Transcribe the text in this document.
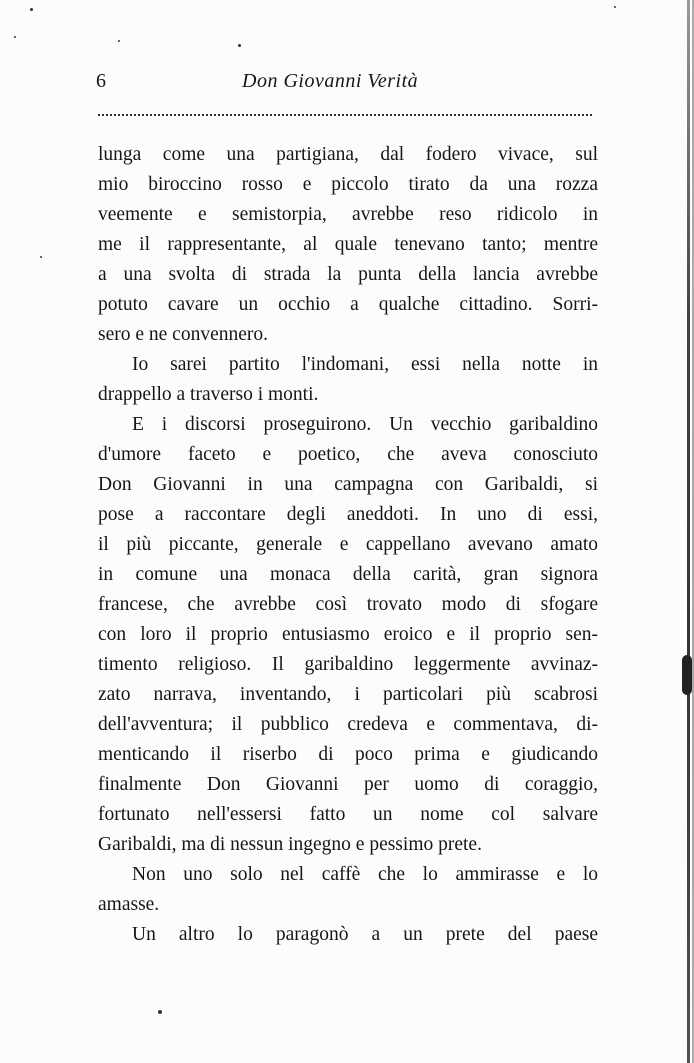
6	Don Giovanni Verità
lunga come una partigiana, dal fodero vivace, sul
mio biroccino rosso e piccolo tirato da una rozza
veemente e semistorpia, avrebbe reso ridicolo in
me il rappresentante, al quale tenevano tanto; mentre
a una svolta di strada la punta della lancia avrebbe
potuto cavare un occhio a qualche cittadino. Sorri-
sero e ne convennero.
Io sarei partito l'indomani, essi nella notte in
drappello a traverso i monti.
E i discorsi proseguirono. Un vecchio garibaldino
d'umore faceto e poetico, che aveva conosciuto
Don Giovanni in una campagna con Garibaldi, si
pose a raccontare degli aneddoti. In uno di essi,
il più piccante, generale e cappellano avevano amato
in comune una monaca della carità, gran signora
francese, che avrebbe così trovato modo di sfogare
con loro il proprio entusiasmo eroico e il proprio sen-
timento religioso. Il garibaldino leggermente avvinaz-
zato narrava, inventando, i particolari più scabrosi
dell'avventura; il pubblico credeva e commentava, di-
menticando il riserbo di poco prima e giudicando
finalmente Don Giovanni per uomo di coraggio,
fortunato nell'essersi fatto un nome col salvare
Garibaldi, ma di nessun ingegno e pessimo prete.
Non uno solo nel caffè che lo ammirasse e lo
amasse.
Un altro lo paragonò a un prete del paese
